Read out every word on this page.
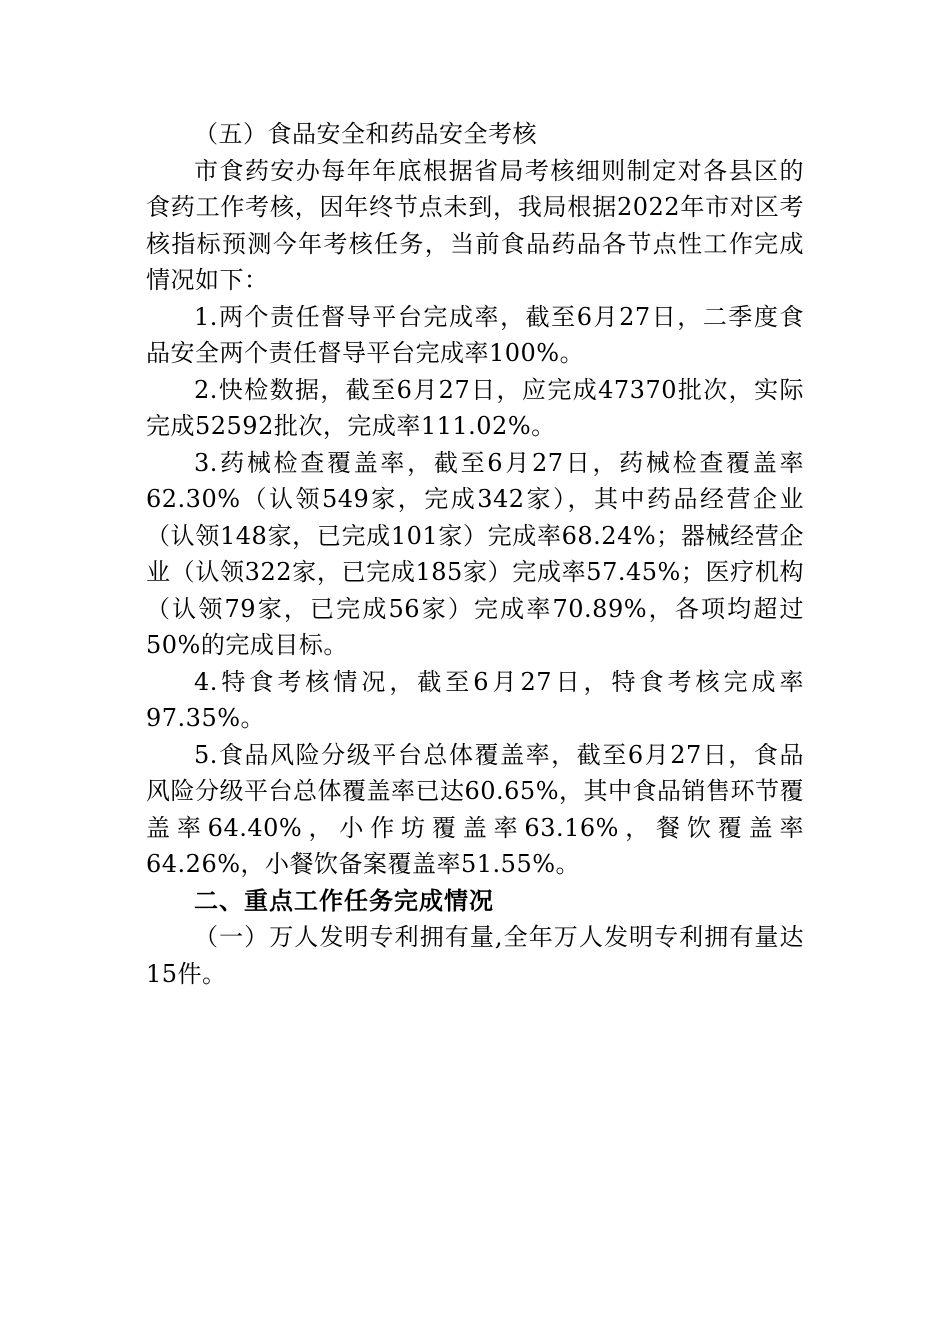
（五）食品安全和药品安全考核

市食药安办每年年底根据省局考核细则制定对各县区的食药工作考核，因年终节点未到，我局根据2022年市对区考核指标预测今年考核任务，当前食品药品各节点性工作完成情况如下：

1.两个责任督导平台完成率，截至6月27日，二季度食品安全两个责任督导平台完成率100%。

2.快检数据，截至6月27日，应完成47370批次，实际完成52592批次，完成率111.02%。

3.药械检查覆盖率，截至6月27日，药械检查覆盖率62.30%（认领549家，完成342家），其中药品经营企业（认领148家，已完成101家）完成率68.24%；器械经营企业（认领322家，已完成185家）完成率57.45%；医疗机构（认领79家，已完成56家）完成率70.89%，各项均超过50%的完成目标。

4.特食考核情况，截至6月27日，特食考核完成率97.35%。

5.食品风险分级平台总体覆盖率，截至6月27日，食品风险分级平台总体覆盖率已达60.65%，其中食品销售环节覆盖率64.40%，小作坊覆盖率63.16%，餐饮覆盖率64.26%，小餐饮备案覆盖率51.55%。

二、重点工作任务完成情况

（一）万人发明专利拥有量,全年万人发明专利拥有量达15件。
